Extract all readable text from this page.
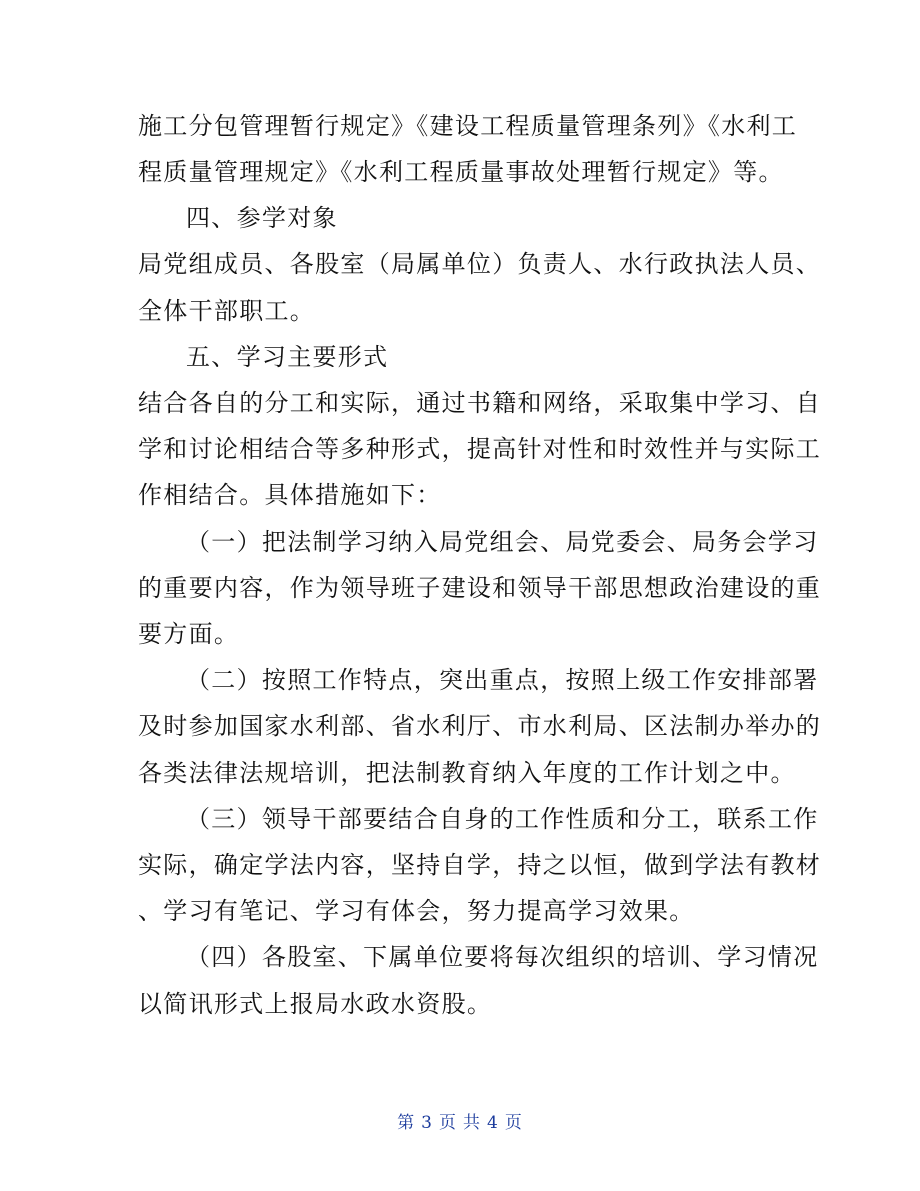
施工分包管理暂行规定》《建设工程质量管理条列》《水利工
程质量管理规定》《水利工程质量事故处理暂行规定》等。
四、参学对象
局党组成员、各股室（局属单位）负责人、水行政执法人员、
全体干部职工。
五、学习主要形式
结合各自的分工和实际，通过书籍和网络，采取集中学习、自
学和讨论相结合等多种形式，提高针对性和时效性并与实际工
作相结合。具体措施如下：
（一）把法制学习纳入局党组会、局党委会、局务会学习
的重要内容，作为领导班子建设和领导干部思想政治建设的重
要方面。
（二）按照工作特点，突出重点，按照上级工作安排部署
及时参加国家水利部、省水利厅、市水利局、区法制办举办的
各类法律法规培训，把法制教育纳入年度的工作计划之中。
（三）领导干部要结合自身的工作性质和分工，联系工作
实际，确定学法内容，坚持自学，持之以恒，做到学法有教材
、学习有笔记、学习有体会，努力提高学习效果。
（四）各股室、下属单位要将每次组织的培训、学习情况
以简讯形式上报局水政水资股。
第 3 页 共 4 页
